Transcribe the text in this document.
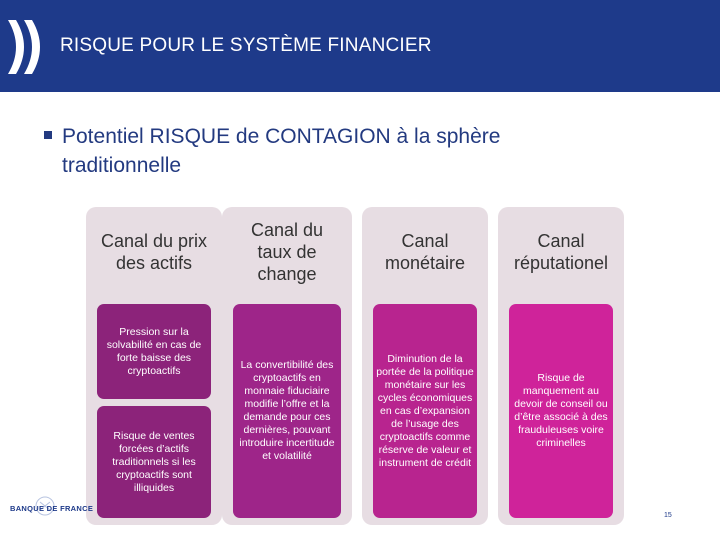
RISQUE POUR LE SYSTÈME FINANCIER
Potentiel RISQUE de CONTAGION à la sphère traditionnelle
Canal du prix des actifs
Canal du taux de change
Canal monétaire
Canal réputationel
Pression sur la solvabilité en cas de forte baisse des cryptoactifs
Risque de ventes forcées d’actifs traditionnels si les cryptoactifs sont illiquides
La convertibilité des cryptoactifs en monnaie fiduciaire modifie l’offre et la demande pour ces dernières, pouvant introduire incertitude et volatilité
Diminution de la portée de la politique monétaire sur les cycles économiques en cas d’expansion de l’usage des cryptoactifs comme réserve de valeur et instrument de crédit
Risque de manquement au devoir de conseil ou d’être associé à des frauduleuses voire criminelles
BANQUE DE FRANCE
15
